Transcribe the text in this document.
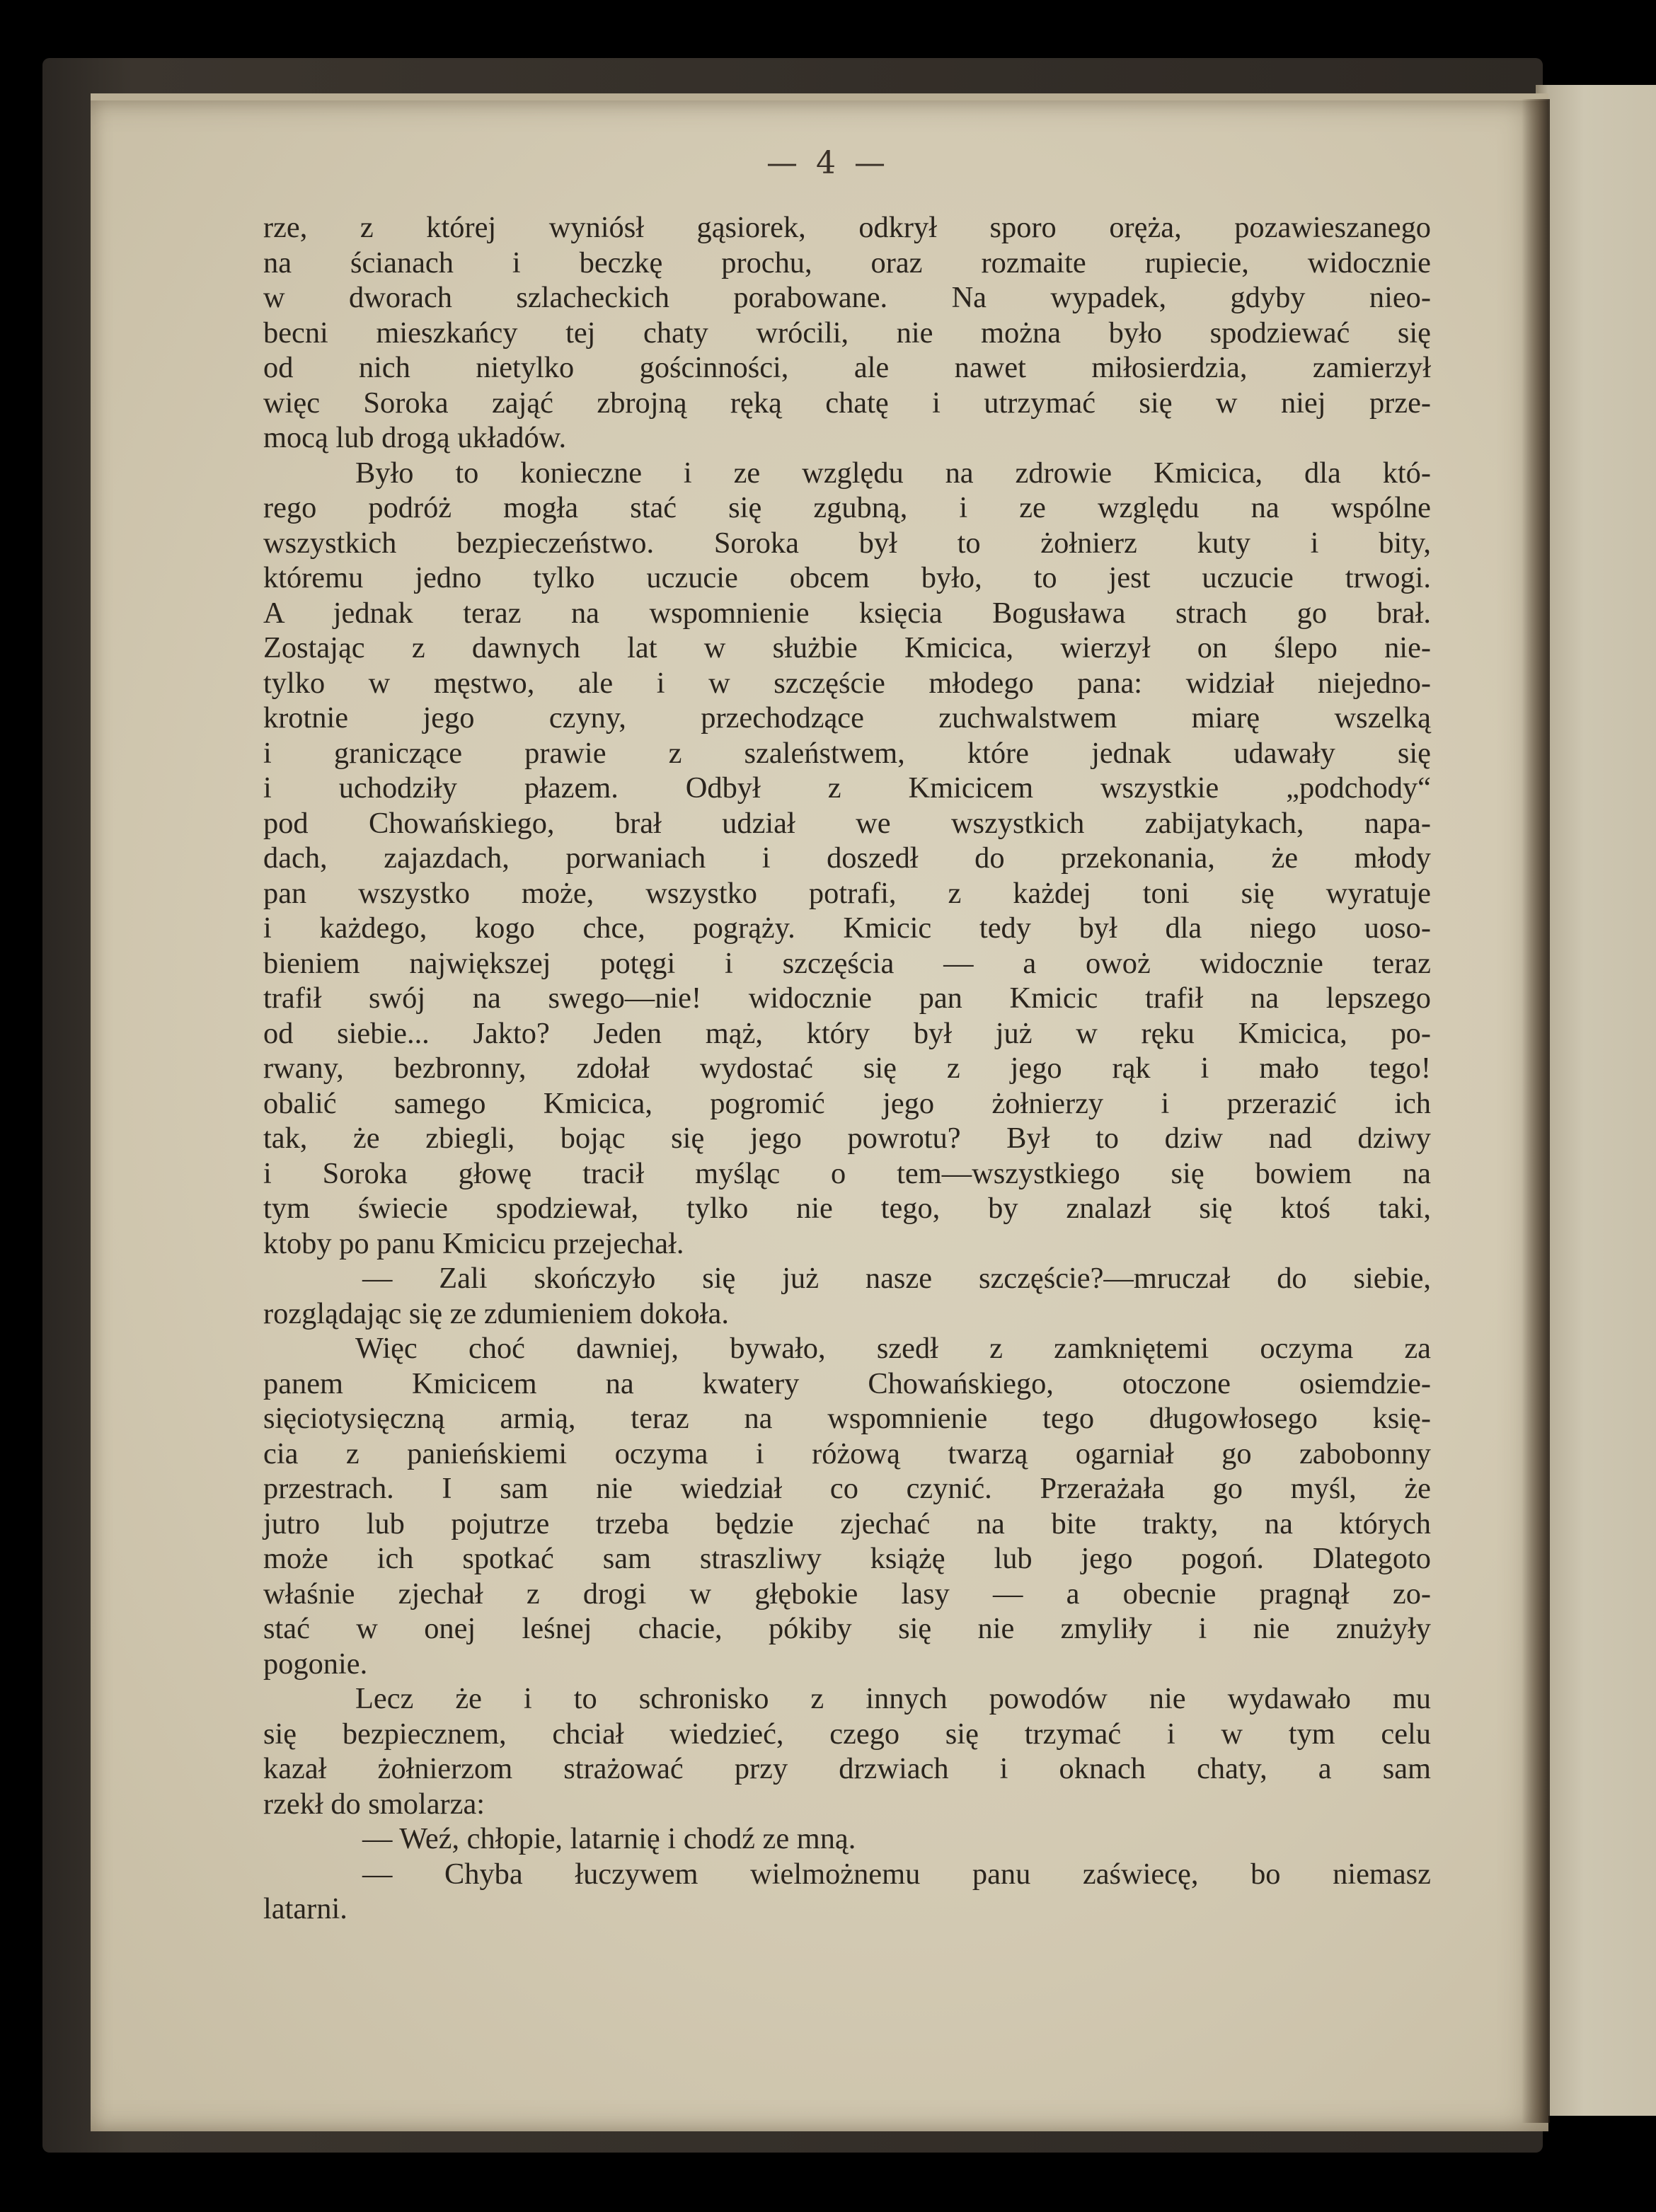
— 4 —
rze, z której wyniósł gąsiorek, odkrył sporo oręża, pozawieszanego
na ścianach i beczkę prochu, oraz rozmaite rupiecie, widocznie
w dworach szlacheckich porabowane. Na wypadek, gdyby nieo-
becni mieszkańcy tej chaty wrócili, nie można było spodziewać się
od nich nietylko gościnności, ale nawet miłosierdzia, zamierzył
więc Soroka zająć zbrojną ręką chatę i utrzymać się w niej prze-
mocą lub drogą układów.
Było to konieczne i ze względu na zdrowie Kmicica, dla któ-
rego podróż mogła stać się zgubną, i ze względu na wspólne
wszystkich bezpieczeństwo. Soroka był to żołnierz kuty i bity,
któremu jedno tylko uczucie obcem było, to jest uczucie trwogi.
A jednak teraz na wspomnienie księcia Bogusława strach go brał.
Zostając z dawnych lat w służbie Kmicica, wierzył on ślepo nie-
tylko w męstwo, ale i w szczęście młodego pana: widział niejedno-
krotnie jego czyny, przechodzące zuchwalstwem miarę wszelką
i graniczące prawie z szaleństwem, które jednak udawały się
i uchodziły płazem. Odbył z Kmicicem wszystkie „podchody“
pod Chowańskiego, brał udział we wszystkich zabijatykach, napa-
dach, zajazdach, porwaniach i doszedł do przekonania, że młody
pan wszystko może, wszystko potrafi, z każdej toni się wyratuje
i każdego, kogo chce, pogrąży. Kmicic tedy był dla niego uoso-
bieniem największej potęgi i szczęścia — a owoż widocznie teraz
trafił swój na swego—nie! widocznie pan Kmicic trafił na lepszego
od siebie... Jakto? Jeden mąż, który był już w ręku Kmicica, po-
rwany, bezbronny, zdołał wydostać się z jego rąk i mało tego!
obalić samego Kmicica, pogromić jego żołnierzy i przerazić ich
tak, że zbiegli, bojąc się jego powrotu? Był to dziw nad dziwy
i Soroka głowę tracił myśląc o tem—wszystkiego się bowiem na
tym świecie spodziewał, tylko nie tego, by znalazł się ktoś taki,
ktoby po panu Kmicicu przejechał.
— Zali skończyło się już nasze szczęście?—mruczał do siebie,
rozglądając się ze zdumieniem dokoła.
Więc choć dawniej, bywało, szedł z zamkniętemi oczyma za
panem Kmicicem na kwatery Chowańskiego, otoczone osiemdzie-
sięciotysięczną armią, teraz na wspomnienie tego długowłosego księ-
cia z panieńskiemi oczyma i różową twarzą ogarniał go zabobonny
przestrach. I sam nie wiedział co czynić. Przerażała go myśl, że
jutro lub pojutrze trzeba będzie zjechać na bite trakty, na których
może ich spotkać sam straszliwy książę lub jego pogoń. Dlategoto
właśnie zjechał z drogi w głębokie lasy — a obecnie pragnął zo-
stać w onej leśnej chacie, pókiby się nie zmyliły i nie znużyły
pogonie.
Lecz że i to schronisko z innych powodów nie wydawało mu
się bezpiecznem, chciał wiedzieć, czego się trzymać i w tym celu
kazał żołnierzom strażować przy drzwiach i oknach chaty, a sam
rzekł do smolarza:
— Weź, chłopie, latarnię i chodź ze mną.
— Chyba łuczywem wielmożnemu panu zaświecę, bo niemasz
latarni.
